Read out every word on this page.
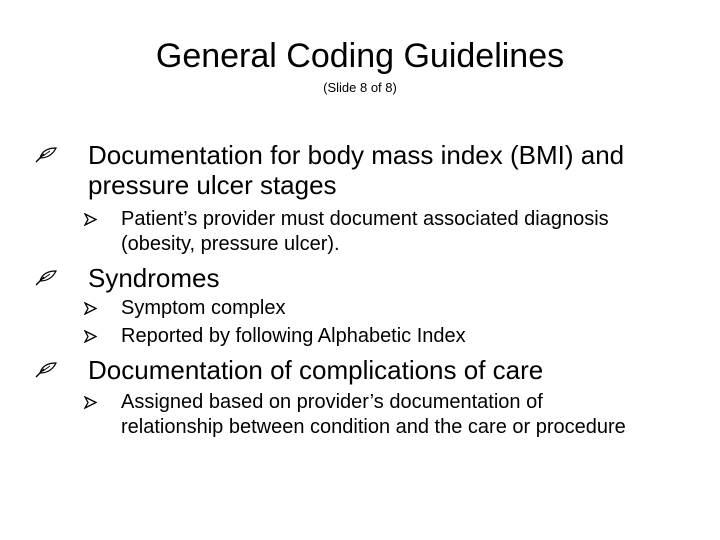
General Coding Guidelines
(Slide 8 of 8)
Documentation for body mass index (BMI) and pressure ulcer stages
Patient’s provider must document associated diagnosis (obesity, pressure ulcer).
Syndromes
Symptom complex
Reported by following Alphabetic Index
Documentation of complications of care
Assigned based on provider’s documentation of relationship between condition and the care or procedure
